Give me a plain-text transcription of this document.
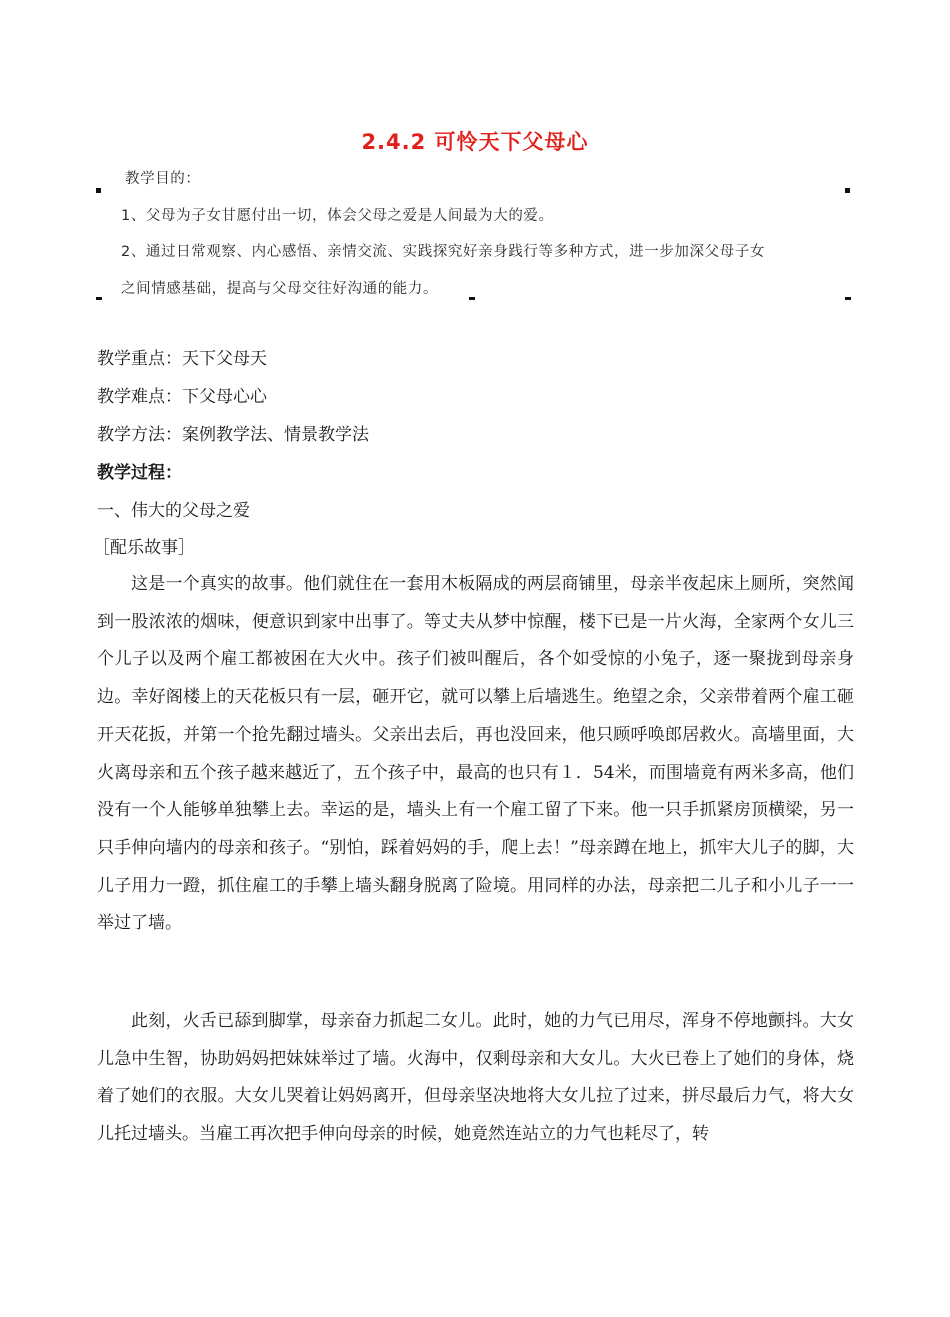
2.4.2 可怜天下父母心
教学目的：
1、父母为子女甘愿付出一切，体会父母之爱是人间最为大的爱。
2、通过日常观察、内心感悟、亲情交流、实践探究好亲身践行等多种方式，进一步加深父母子女
之间情感基础，提高与父母交往好沟通的能力。
教学重点：天下父母天
教学难点：下父母心心
教学方法：案例教学法、情景教学法
教学过程：
一、伟大的父母之爱
［配乐故事］

这是一个真实的故事。他们就住在一套用木板隔成的两层商铺里，母亲半夜起床上厕所，突然闻到一股浓浓的烟味，便意识到家中出事了。等丈夫从梦中惊醒，楼下已是一片火海，全家两个女儿三个儿子以及两个雇工都被困在大火中。孩子们被叫醒后，各个如受惊的小兔子，逐一聚拢到母亲身边。幸好阁楼上的天花板只有一层，砸开它，就可以攀上后墙逃生。绝望之余，父亲带着两个雇工砸开天花扳，并第一个抢先翻过墙头。父亲出去后，再也没回来，他只顾呼唤郎居救火。高墙里面，大火离母亲和五个孩子越来越近了，五个孩子中，最高的也只有１．54米，而围墙竟有两米多高，他们没有一个人能够单独攀上去。幸运的是，墙头上有一个雇工留了下来。他一只手抓紧房顶横梁，另一只手伸向墙内的母亲和孩子。“别怕，踩着妈妈的手，爬上去！”母亲蹲在地上，抓牢大儿子的脚，大儿子用力一蹬，抓住雇工的手攀上墙头翻身脱离了险境。用同样的办法，母亲把二儿子和小儿子一一举过了墙。

此刻，火舌已舔到脚掌，母亲奋力抓起二女儿。此时，她的力气已用尽，浑身不停地颤抖。大女儿急中生智，协助妈妈把妹妹举过了墙。火海中，仅剩母亲和大女儿。大火已卷上了她们的身体，烧着了她们的衣服。大女儿哭着让妈妈离开，但母亲坚决地将大女儿拉了过来，拼尽最后力气，将大女儿托过墙头。当雇工再次把手伸向母亲的时候，她竟然连站立的力气也耗尽了，转
